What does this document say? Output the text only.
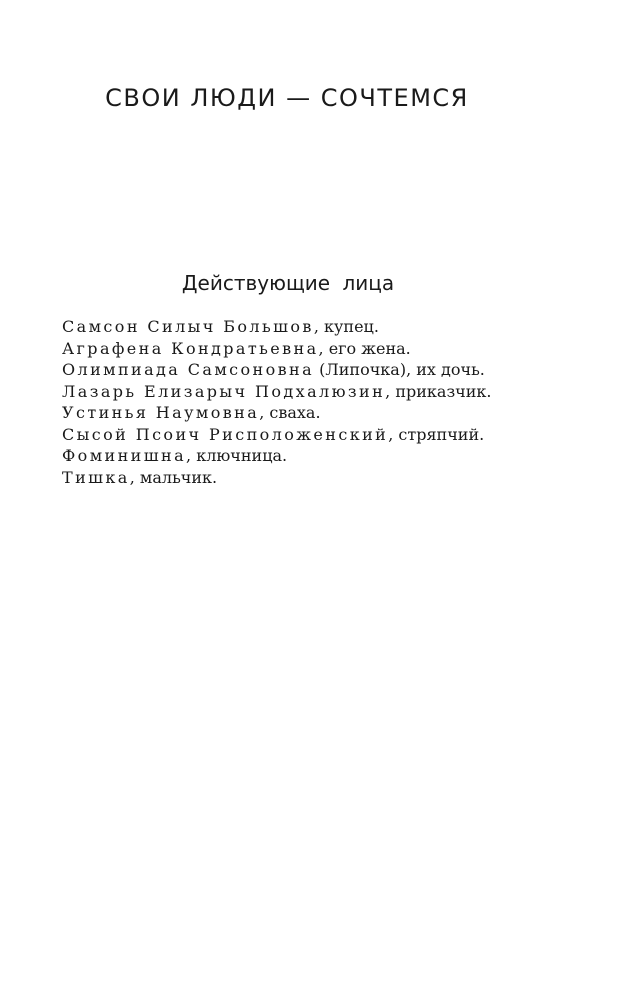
СВОИ ЛЮДИ — СОЧТЕМСЯ
Действующие лица
Самсон Силыч Большов, купец.
Аграфена Кондратьевна, его жена.
Олимпиада Самсоновна (Липочка), их дочь.
Лазарь Елизарыч Подхалюзин, приказчик.
Устинья Наумовна, сваха.
Сысой Псоич Рисположенский, стряпчий.
Фоминишна, ключница.
Тишка, мальчик.
